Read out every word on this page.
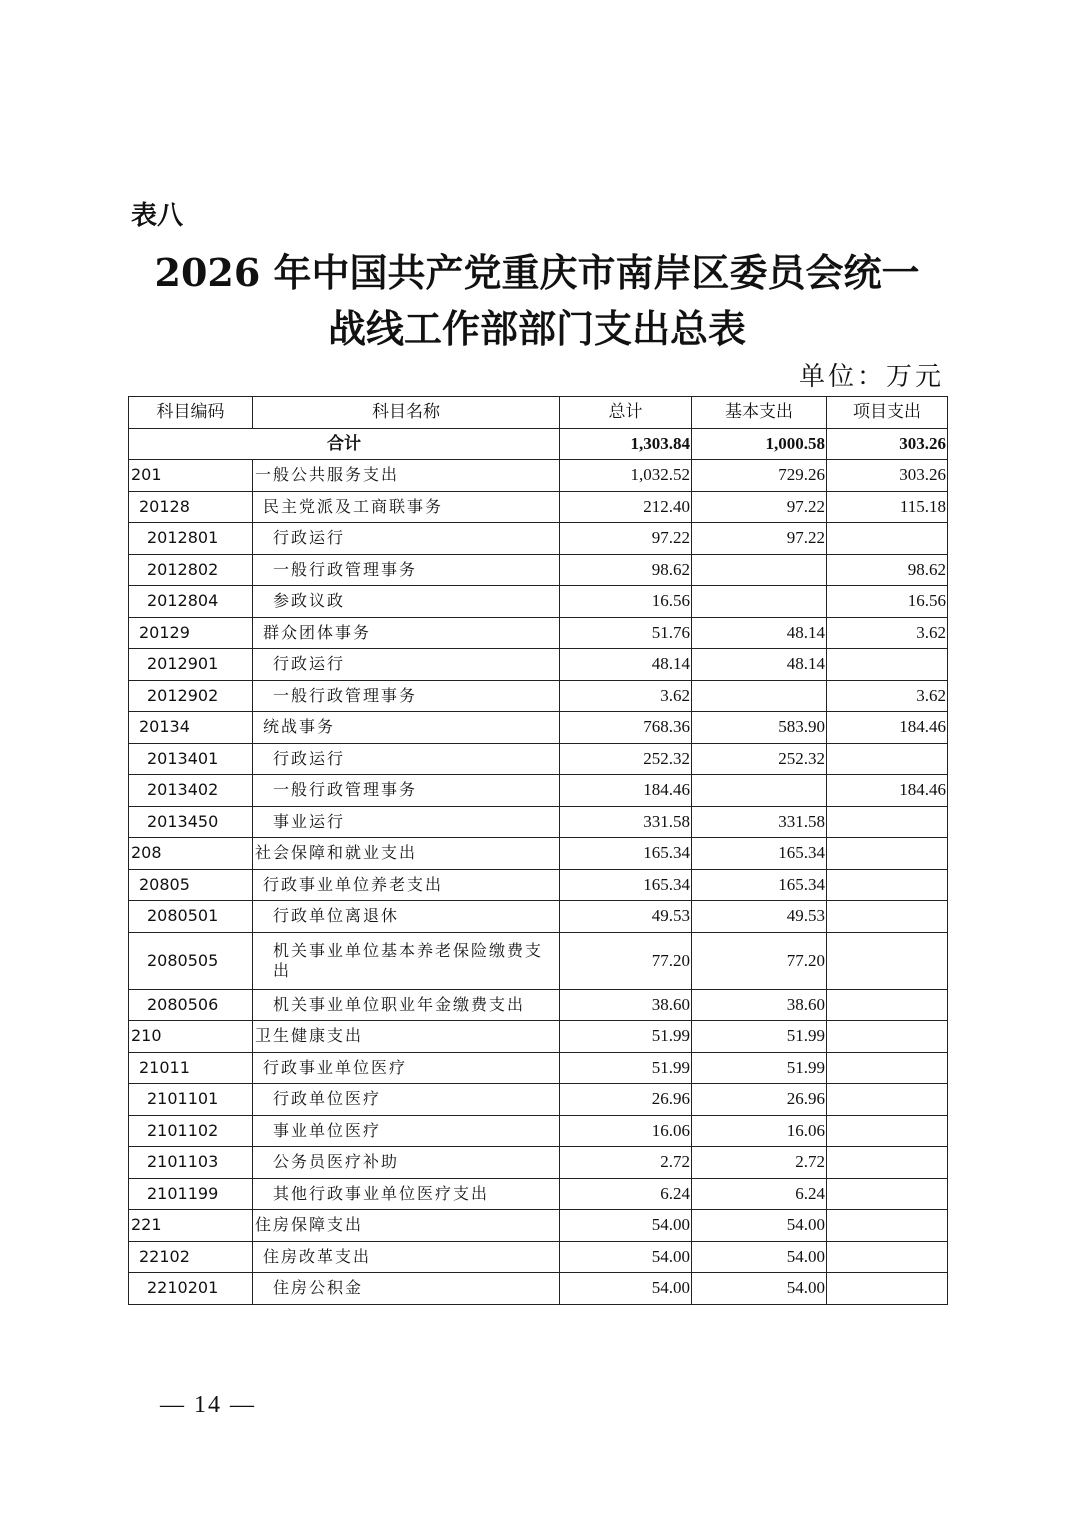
表八
2026 年中国共产党重庆市南岸区委员会统一
战线工作部部门支出总表
单位：万元
科目编码	科目名称	总计	基本支出	项目支出
合计		1,303.84	1,000.58	303.26
201	一般公共服务支出	1,032.52	729.26	303.26
20128	民主党派及工商联事务	212.40	97.22	115.18
2012801	行政运行	97.22	97.22	
2012802	一般行政管理事务	98.62		98.62
2012804	参政议政	16.56		16.56
20129	群众团体事务	51.76	48.14	3.62
2012901	行政运行	48.14	48.14	
2012902	一般行政管理事务	3.62		3.62
20134	统战事务	768.36	583.90	184.46
2013401	行政运行	252.32	252.32	
2013402	一般行政管理事务	184.46		184.46
2013450	事业运行	331.58	331.58	
208	社会保障和就业支出	165.34	165.34	
20805	行政事业单位养老支出	165.34	165.34	
2080501	行政单位离退休	49.53	49.53	
2080505	机关事业单位基本养老保险缴费支出	77.20	77.20	
2080506	机关事业单位职业年金缴费支出	38.60	38.60	
210	卫生健康支出	51.99	51.99	
21011	行政事业单位医疗	51.99	51.99	
2101101	行政单位医疗	26.96	26.96	
2101102	事业单位医疗	16.06	16.06	
2101103	公务员医疗补助	2.72	2.72	
2101199	其他行政事业单位医疗支出	6.24	6.24	
221	住房保障支出	54.00	54.00	
22102	住房改革支出	54.00	54.00	
2210201	住房公积金	54.00	54.00	
— 14 —
